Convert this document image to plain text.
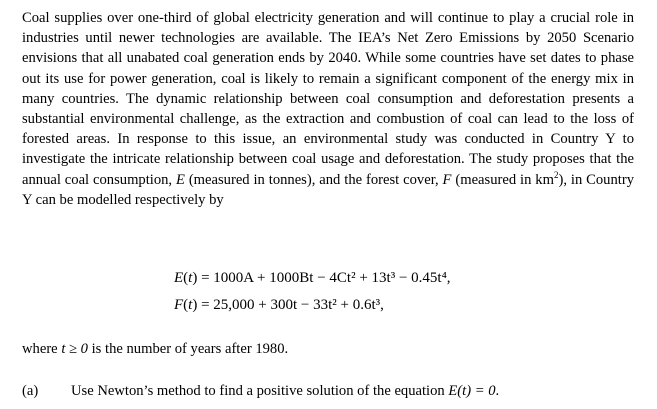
Coal supplies over one-third of global electricity generation and will continue to play a crucial role in industries until newer technologies are available. The IEA’s Net Zero Emissions by 2050 Scenario envisions that all unabated coal generation ends by 2040. While some countries have set dates to phase out its use for power generation, coal is likely to remain a significant component of the energy mix in many countries. The dynamic relationship between coal consumption and deforestation presents a substantial environmental challenge, as the extraction and combustion of coal can lead to the loss of forested areas. In response to this issue, an environmental study was conducted in Country Y to investigate the intricate relationship between coal usage and deforestation. The study proposes that the annual coal consumption, E (measured in tonnes), and the forest cover, F (measured in $km^2$), in Country Y can be modelled respectively by

E(t) = 1000A + 1000Bt − 4Ct² + 13t³ − 0.45t⁴,
F(t) = 25,000 + 300t − 33t² + 0.6t³,
where t ≥ 0 is the number of years after 1980.
(a) Use Newton’s method to find a positive solution of the equation E(t) = 0.
